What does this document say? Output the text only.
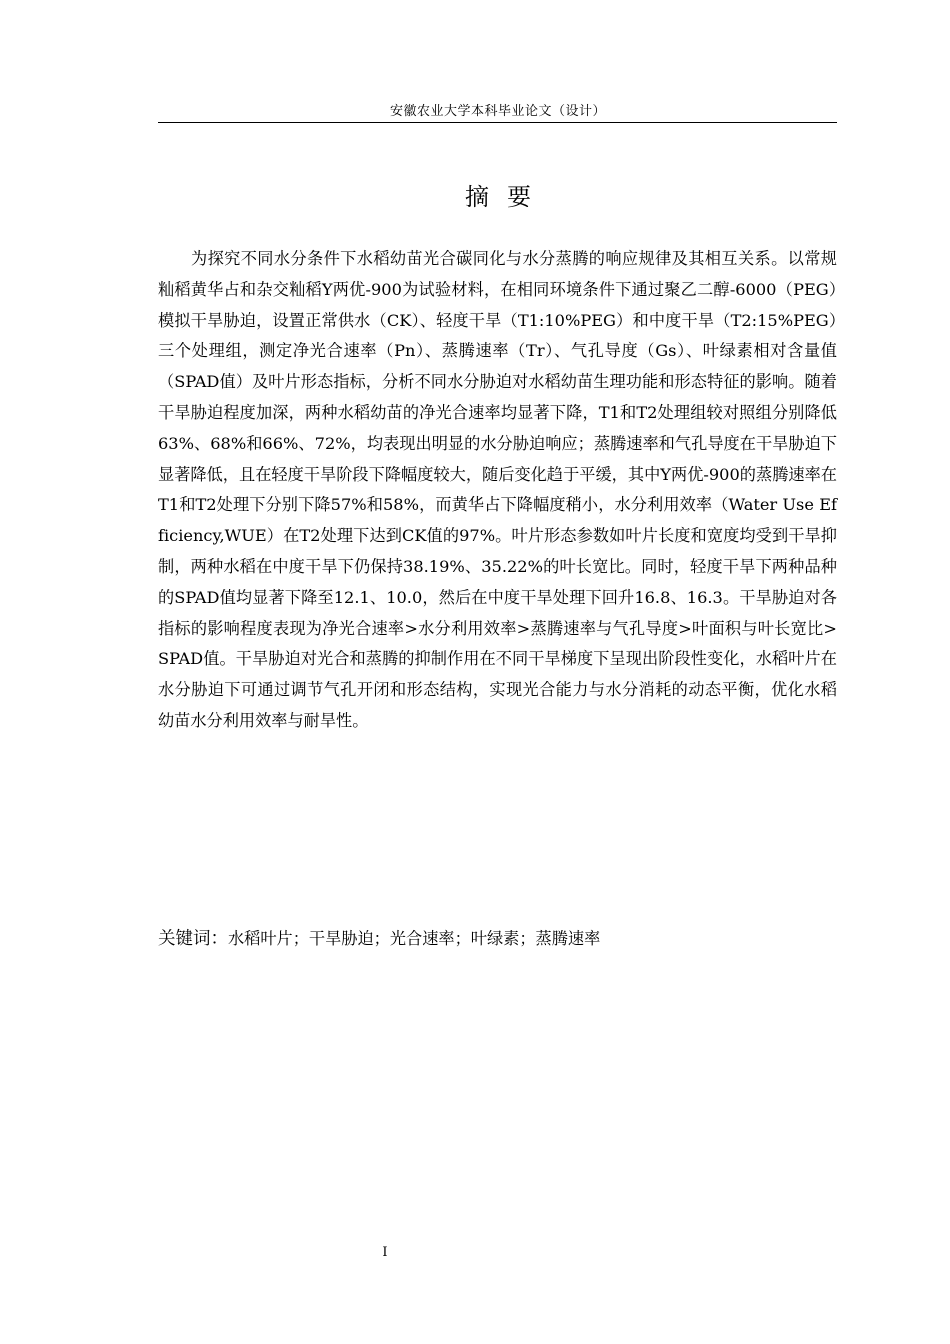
安徽农业大学本科毕业论文（设计）
摘要

为探究不同水分条件下水稻幼苗光合碳同化与水分蒸腾的响应规律及其相互关系。以常规籼稻黄华占和杂交籼稻Y两优-900为试验材料，在相同环境条件下通过聚乙二醇-6000（PEG）模拟干旱胁迫，设置正常供水（CK）、轻度干旱（T1:10%PEG）和中度干旱（T2:15%PEG）三个处理组，测定净光合速率（Pn）、蒸腾速率（Tr）、气孔导度（Gs）、叶绿素相对含量值（SPAD值）及叶片形态指标，分析不同水分胁迫对水稻幼苗生理功能和形态特征的影响。随着干旱胁迫程度加深，两种水稻幼苗的净光合速率均显著下降，T1和T2处理组较对照组分别降低63%、68%和66%、72%，均表现出明显的水分胁迫响应；蒸腾速率和气孔导度在干旱胁迫下显著降低，且在轻度干旱阶段下降幅度较大，随后变化趋于平缓，其中Y两优-900的蒸腾速率在T1和T2处理下分别下降57%和58%，而黄华占下降幅度稍小，水分利用效率（Water Use Efficiency,WUE）在T2处理下达到CK值的97%。叶片形态参数如叶片长度和宽度均受到干旱抑制，两种水稻在中度干旱下仍保持38.19%、35.22%的叶长宽比。同时，轻度干旱下两种品种的SPAD值均显著下降至12.1、10.0，然后在中度干旱处理下回升16.8、16.3。干旱胁迫对各指标的影响程度表现为净光合速率>水分利用效率>蒸腾速率与气孔导度>叶面积与叶长宽比>SPAD值。干旱胁迫对光合和蒸腾的抑制作用在不同干旱梯度下呈现出阶段性变化，水稻叶片在水分胁迫下可通过调节气孔开闭和形态结构，实现光合能力与水分消耗的动态平衡，优化水稻幼苗水分利用效率与耐旱性。

关键词：水稻叶片；干旱胁迫；光合速率；叶绿素；蒸腾速率

I
